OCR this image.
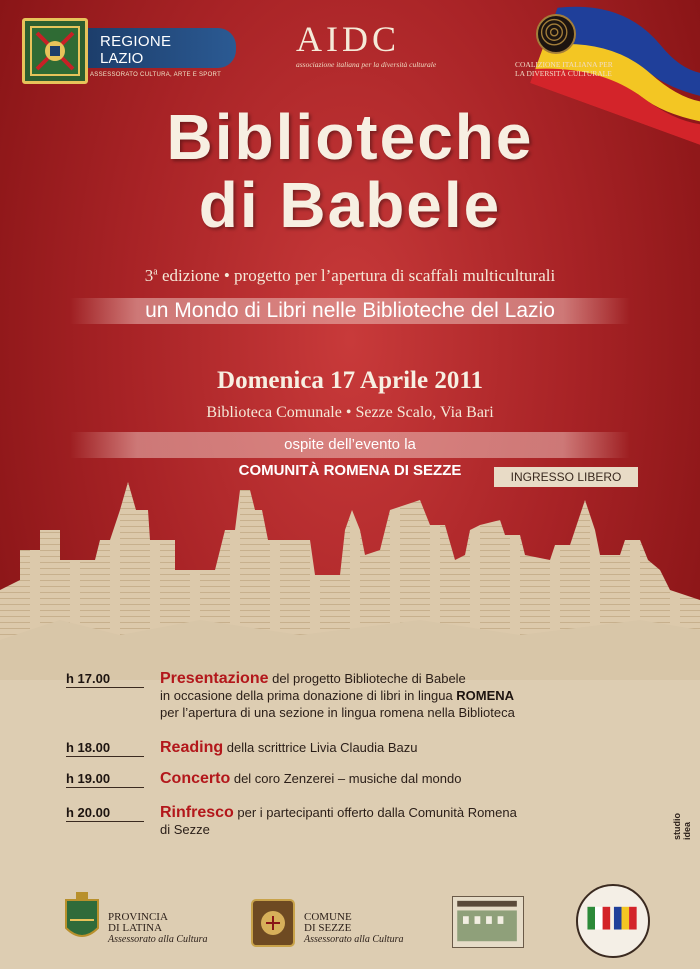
REGIONE
LAZIO
ASSESSORATO CULTURA, ARTE E SPORT
AIDC
associazione italiana per la diversità culturale	COALIZIONE ITALIANA PER
LA DIVERSITÀ CULTURALE
Biblioteche
di Babele
3$^a$ edizione • progetto per l’apertura di scaffali multiculturali
un Mondo di Libri nelle Biblioteche del Lazio
Domenica 17 Aprile 2011
Biblioteca Comunale • Sezze Scalo, Via Bari
ospite dell’evento la
COMUNITÀ ROMENA DI SEZZE	INGRESSO LIBERO
h 17.00	Presentazione del progetto Biblioteche di Babele
in occasione della prima donazione di libri in lingua ROMENA
per l’apertura di una sezione in lingua romena nella Biblioteca
h 18.00	Reading della scrittrice Livia Claudia Bazu
h 19.00	Concerto del coro Zenzerei – musiche dal mondo
h 20.00	Rinfresco per i partecipanti offerto dalla Comunità Romena
di Sezze	studio idea
PROVINCIA
DI LATINA
Assessorato alla Cultura
COMUNE
DI SEZZE
Assessorato alla Cultura
